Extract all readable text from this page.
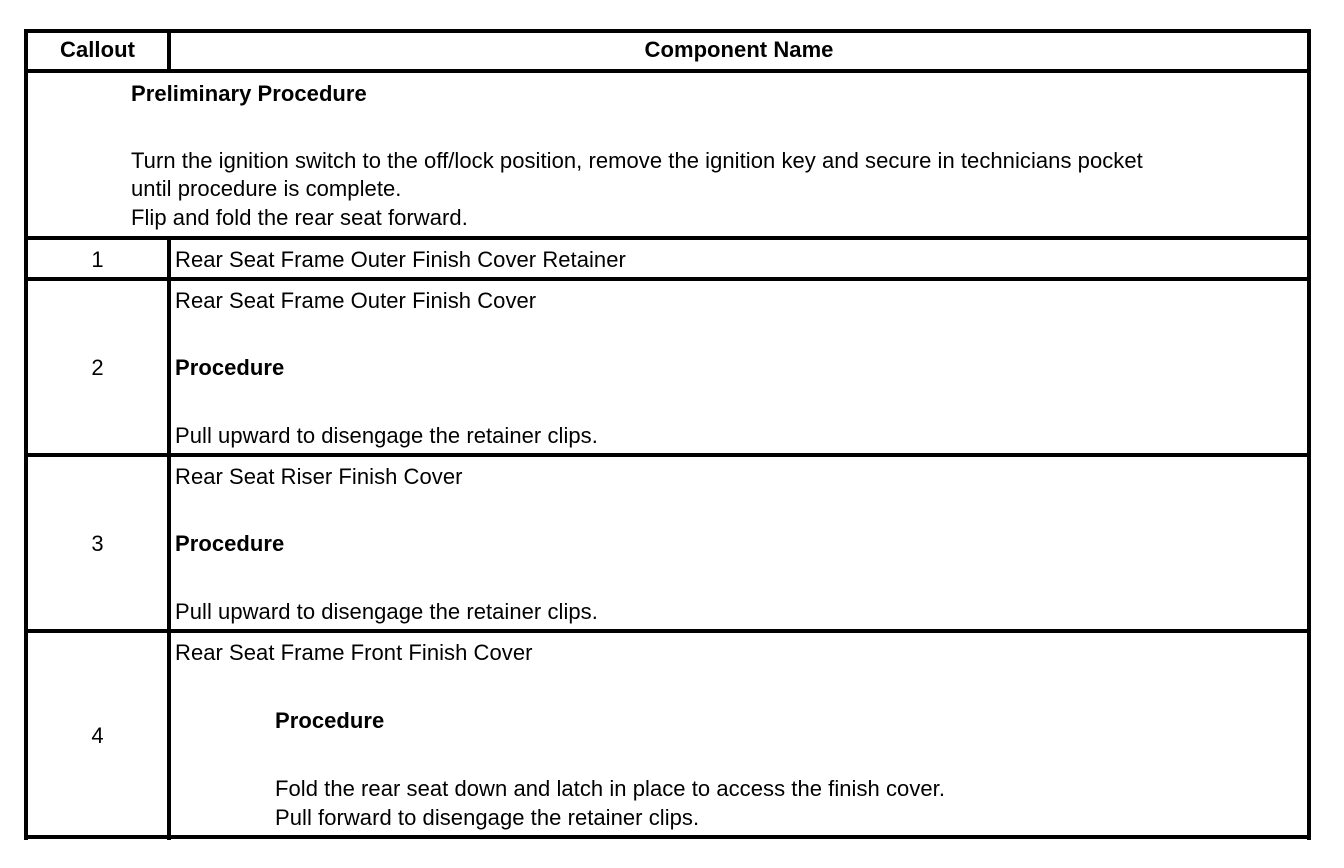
Callout	Component Name
Preliminary Procedure
Turn the ignition switch to the off/lock position, remove the ignition key and secure in technicians pocket
until procedure is complete.
Flip and fold the rear seat forward.
1	Rear Seat Frame Outer Finish Cover Retainer
2
Rear Seat Frame Outer Finish Cover
Procedure
Pull upward to disengage the retainer clips.
3
Rear Seat Riser Finish Cover
Procedure
Pull upward to disengage the retainer clips.
4
Rear Seat Frame Front Finish Cover
Procedure
Fold the rear seat down and latch in place to access the finish cover.
Pull forward to disengage the retainer clips.
